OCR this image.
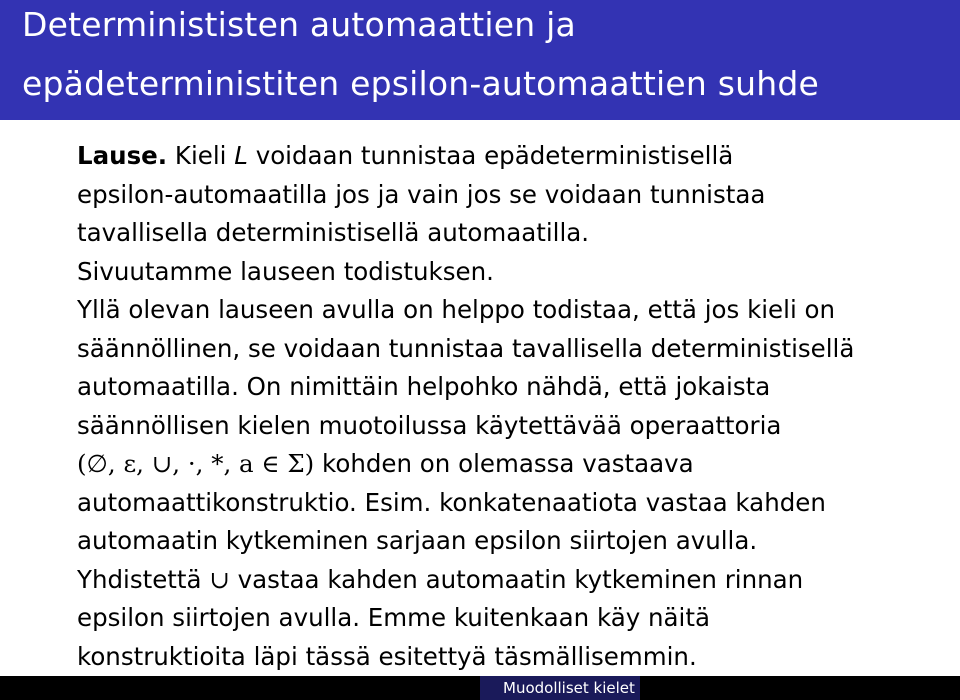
Determinististen automaattien ja
epädeterministiten epsilon-automaattien suhde
Lause. Kieli L voidaan tunnistaa epädeterministisellä
epsilon-automaatilla jos ja vain jos se voidaan tunnistaa
tavallisella deterministisellä automaatilla.
Sivuutamme lauseen todistuksen.
Yllä olevan lauseen avulla on helppo todistaa, että jos kieli on
säännöllinen, se voidaan tunnistaa tavallisella deterministisellä
automaatilla. On nimittäin helpohko nähdä, että jokaista
säännöllisen kielen muotoilussa käytettävää operaattoria
(∅, ε, ∪, ·, *, a ∈ Σ) kohden on olemassa vastaava
automaattikonstruktio. Esim. konkatenaatiota vastaa kahden
automaatin kytkeminen sarjaan epsilon siirtojen avulla.
Yhdistettä ∪ vastaa kahden automaatin kytkeminen rinnan
epsilon siirtojen avulla. Emme kuitenkaan käy näitä
konstruktioita läpi tässä esitettyä täsmällisemmin.
Muodolliset kielet
